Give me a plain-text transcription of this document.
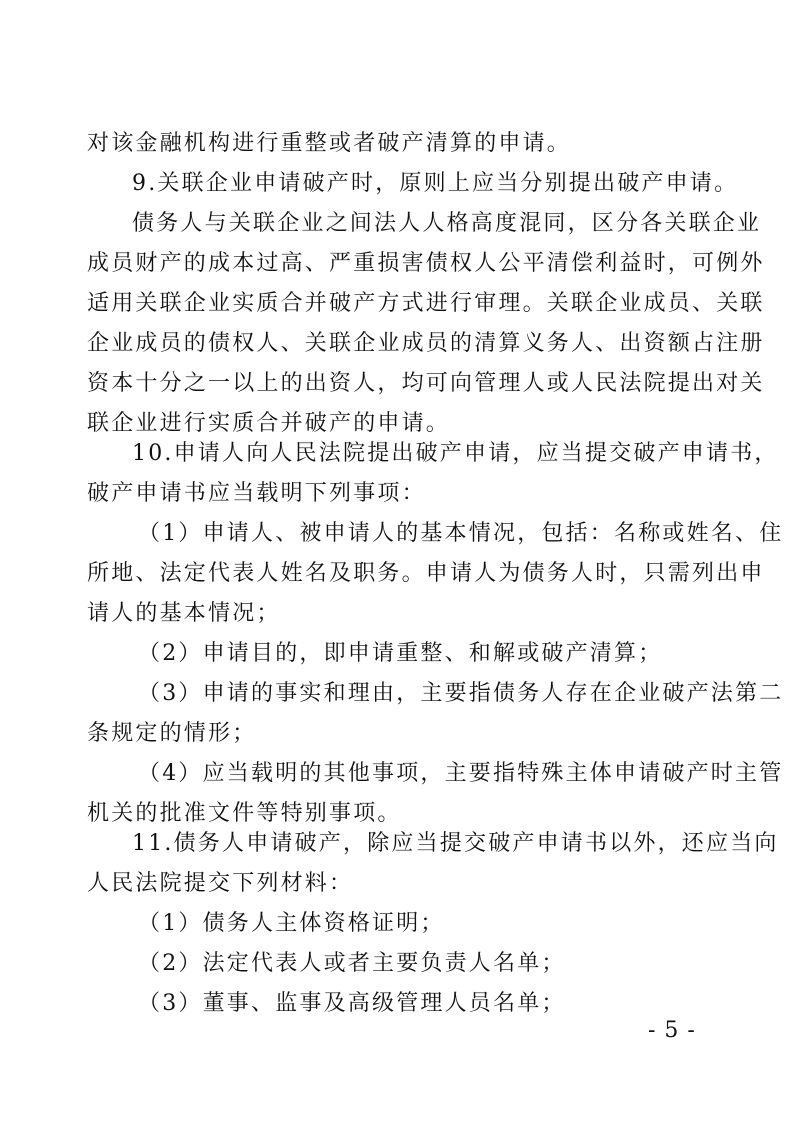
对该金融机构进行重整或者破产清算的申请。
9.关联企业申请破产时，原则上应当分别提出破产申请。
债务人与关联企业之间法人人格高度混同，区分各关联企业
成员财产的成本过高、严重损害债权人公平清偿利益时，可例外
适用关联企业实质合并破产方式进行审理。关联企业成员、关联
企业成员的债权人、关联企业成员的清算义务人、出资额占注册
资本十分之一以上的出资人，均可向管理人或人民法院提出对关
联企业进行实质合并破产的申请。
10.申请人向人民法院提出破产申请，应当提交破产申请书，
破产申请书应当载明下列事项：
（1）申请人、被申请人的基本情况，包括：名称或姓名、住
所地、法定代表人姓名及职务。申请人为债务人时，只需列出申
请人的基本情况；
（2）申请目的，即申请重整、和解或破产清算；
（3）申请的事实和理由，主要指债务人存在企业破产法第二
条规定的情形；
（4）应当载明的其他事项，主要指特殊主体申请破产时主管
机关的批准文件等特别事项。
11.债务人申请破产，除应当提交破产申请书以外，还应当向
人民法院提交下列材料：
（1）债务人主体资格证明；
（2）法定代表人或者主要负责人名单；
（3）董事、监事及高级管理人员名单；
- 5 -
